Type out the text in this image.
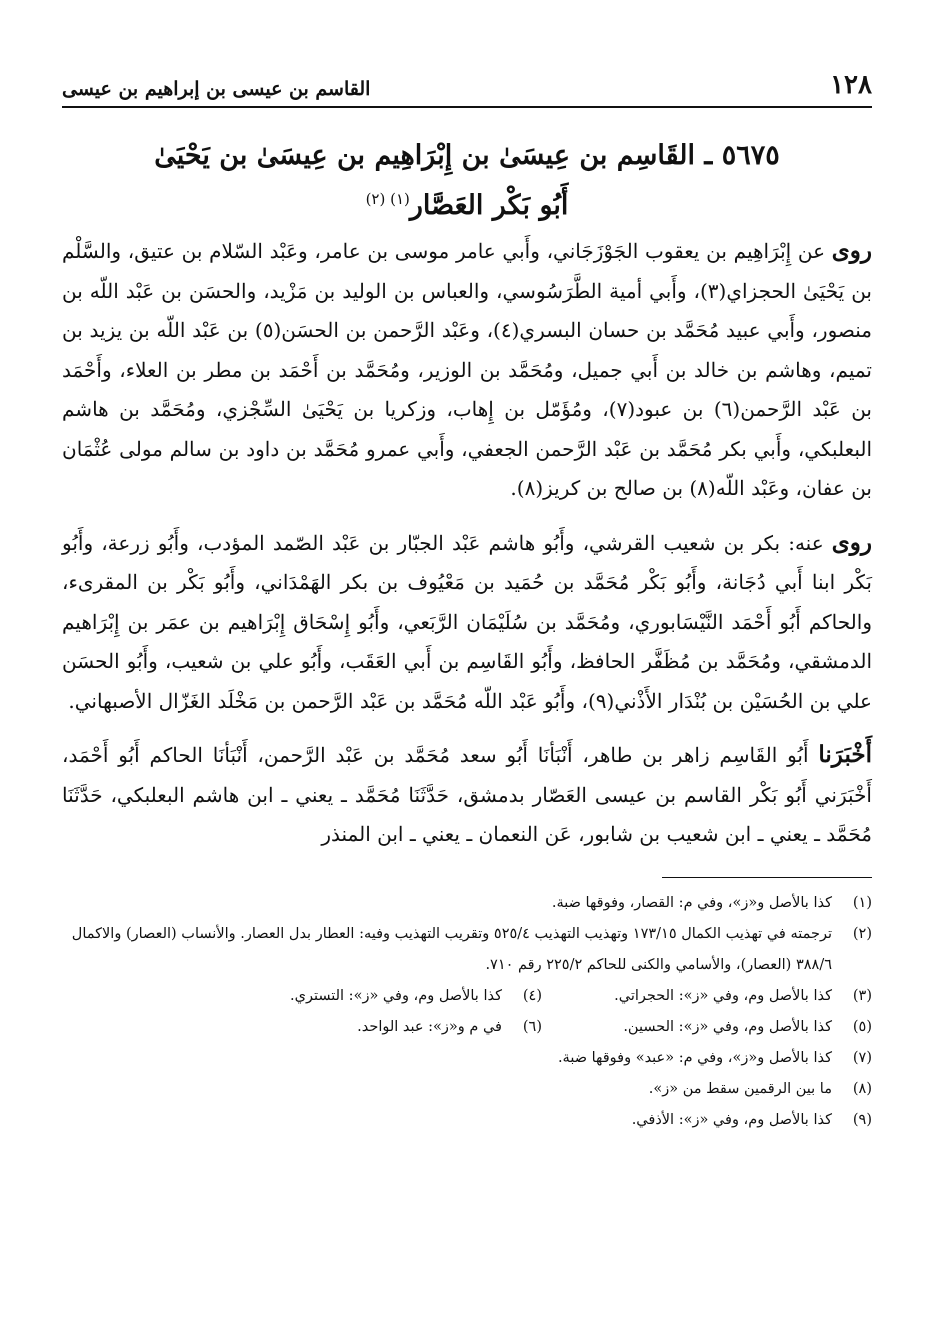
١٢٨
القاسم بن عيسى بن إبراهيم بن عيسى
٥٦٧٥ ـ القَاسِم بن عِيسَىٰ بن إِبْرَاهِيم بن عِيسَىٰ بن يَحْيَىٰ
أَبُو بَكْر العَصَّار$^{(١) (٢)}$

روى عن إِبْرَاهِيم بن يعقوب الجَوْزَجَاني، وأَبي عامر موسى بن عامر، وعَبْد السّلام بن عتيق، والسَّلْم بن يَحْيَىٰ الحجزاي(٣)، وأَبي أمية الطَّرَسُوسي، والعباس بن الوليد بن مَزْيد، والحسَن بن عَبْد اللّه بن منصور، وأَبي عبيد مُحَمَّد بن حسان البسري(٤)، وعَبْد الرَّحمن بن الحسَن(٥) بن عَبْد اللّه بن يزيد بن تميم، وهاشم بن خالد بن أَبي جميل، ومُحَمَّد بن الوزير، ومُحَمَّد بن أَحْمَد بن مطر بن العلاء، وأَحْمَد بن عَبْد الرَّحمن(٦) بن عبود(٧)، ومُؤَمّل بن إِهاب، وزكريا بن يَحْيَىٰ السِّجْزي، ومُحَمَّد بن هاشم البعلبكي، وأَبي بكر مُحَمَّد بن عَبْد الرَّحمن الجعفي، وأَبي عمرو مُحَمَّد بن داود بن سالم مولى عُثْمَان بن عفان، وعَبْد اللّه(٨) بن صالح بن كريز(٨).

روى عنه: بكر بن شعيب القرشي، وأَبُو هاشم عَبْد الجبّار بن عَبْد الصّمد المؤدب، وأَبُو زرعة، وأَبُو بَكْر ابنا أَبي دُجَانة، وأَبُو بَكْر مُحَمَّد بن حُمَيد بن مَعْيُوف بن بكر الهَمْدَاني، وأَبُو بَكْر بن المقرىء، والحاكم أَبُو أَحْمَد النَّيْسَابوري، ومُحَمَّد بن سُلَيْمَان الرَّبَعي، وأَبُو إِسْحَاق إِبْرَاهيم بن عمَر بن إِبْرَاهيم الدمشقي، ومُحَمَّد بن مُظَفَّر الحافظ، وأَبُو القَاسِم بن أَبي العَقَب، وأَبُو علي بن شعيب، وأَبُو الحسَن علي بن الحُسَيْن بن بُنْدَار الأَذْني(٩)، وأَبُو عَبْد اللّه مُحَمَّد بن عَبْد الرَّحمن بن مَخْلَد الغَزّال الأصبهاني.

أَخْبَرَنا أَبُو القَاسِم زاهر بن طاهر، أَنْبَأنَا أَبُو سعد مُحَمَّد بن عَبْد الرَّحمن، أَنْبَأنَا الحاكم أَبُو أَحْمَد، أَخْبَرَني أَبُو بَكْر القاسم بن عيسى العَصّار بدمشق، حَدَّثَنَا مُحَمَّد ـ يعني ـ ابن هاشم البعلبكي، حَدَّثَنَا مُحَمَّد ـ يعني ـ ابن شعيب بن شابور، عَن النعمان ـ يعني ـ ابن المنذر

(١)
كذا بالأصل و«ز»، وفي م: القصار، وفوقها ضبة.
(٢)
ترجمته في تهذيب الكمال ١٧٣/١٥ وتهذيب التهذيب ٥٢٥/٤ وتقريب التهذيب وفيه: العطار بدل العصار. والأنساب (العصار) والاكمال ٣٨٨/٦ (العصار)، والأسامي والكنى للحاكم ٢٢٥/٢ رقم ٧١٠.
(٣)
كذا بالأصل وم، وفي «ز»: الحجراتي.
(٤)
كذا بالأصل وم، وفي «ز»: التستري.
(٥)
كذا بالأصل وم، وفي «ز»: الحسين.
(٦)
في م و«ز»: عبد الواحد.
(٧)
كذا بالأصل و«ز»، وفي م: «عبد» وفوقها ضبة.
(٨)
ما بين الرقمين سقط من «ز».
(٩)
كذا بالأصل وم، وفي «ز»: الأذفي.
